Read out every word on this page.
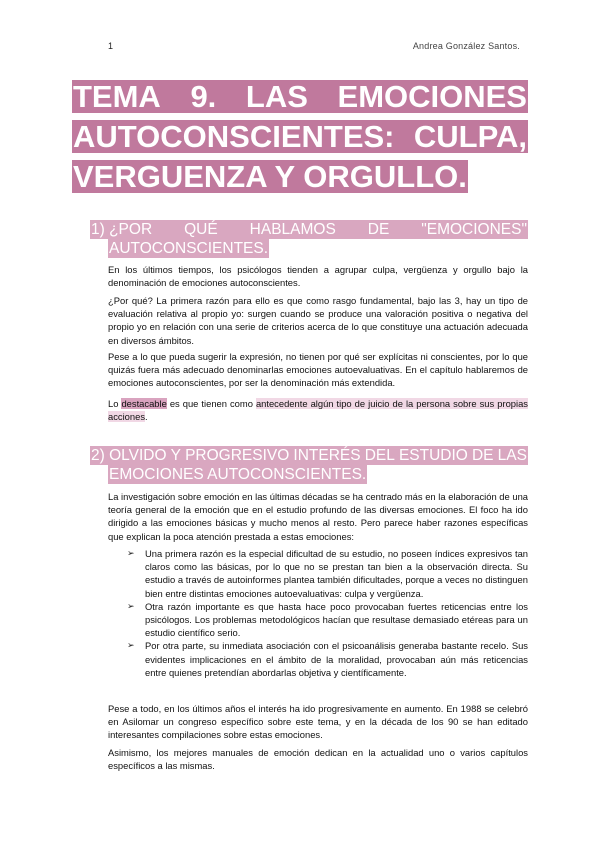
1	Andrea González Santos.
TEMA 9. LAS EMOCIONES
AUTOCONSCIENTES: CULPA,
VERGUENZA Y ORGULLO.
1) ¿POR QUÉ HABLAMOS DE "EMOCIONES"
AUTOCONSCIENTES.

En los últimos tiempos, los psicólogos tienden a agrupar culpa, vergüenza y orgullo bajo la denominación de emociones autoconscientes.

¿Por qué? La primera razón para ello es que como rasgo fundamental, bajo las 3, hay un tipo de evaluación relativa al propio yo: surgen cuando se produce una valoración positiva o negativa del propio yo en relación con una serie de criterios acerca de lo que constituye una actuación adecuada en diversos ámbitos.

Pese a lo que pueda sugerir la expresión, no tienen por qué ser explícitas ni conscientes, por lo que quizás fuera más adecuado denominarlas emociones autoevaluativas. En el capítulo hablaremos de emociones autoconscientes, por ser la denominación más extendida.

Lo destacable es que tienen como antecedente algún tipo de juicio de la persona sobre sus propias acciones.

2) OLVIDO Y PROGRESIVO INTERÉS DEL ESTUDIO DE LAS
EMOCIONES AUTOCONSCIENTES.

La investigación sobre emoción en las últimas décadas se ha centrado más en la elaboración de una teoría general de la emoción que en el estudio profundo de las diversas emociones. El foco ha ido dirigido a las emociones básicas y mucho menos al resto. Pero parece haber razones específicas que explican la poca atención prestada a estas emociones:

➢ Una primera razón es la especial dificultad de su estudio, no poseen índices expresivos tan claros como las básicas, por lo que no se prestan tan bien a la observación directa. Su estudio a través de autoinformes plantea también dificultades, porque a veces no distinguen bien entre distintas emociones autoevaluativas: culpa y vergüenza.
➢ Otra razón importante es que hasta hace poco provocaban fuertes reticencias entre los psicólogos. Los problemas metodológicos hacían que resultase demasiado etéreas para un estudio científico serio.
➢ Por otra parte, su inmediata asociación con el psicoanálisis generaba bastante recelo. Sus evidentes implicaciones en el ámbito de la moralidad, provocaban aún más reticencias entre quienes pretendían abordarlas objetiva y científicamente.

Pese a todo, en los últimos años el interés ha ido progresivamente en aumento. En 1988 se celebró en Asilomar un congreso específico sobre este tema, y en la década de los 90 se han editado interesantes compilaciones sobre estas emociones.

Asimismo, los mejores manuales de emoción dedican en la actualidad uno o varios capítulos específicos a las mismas.
